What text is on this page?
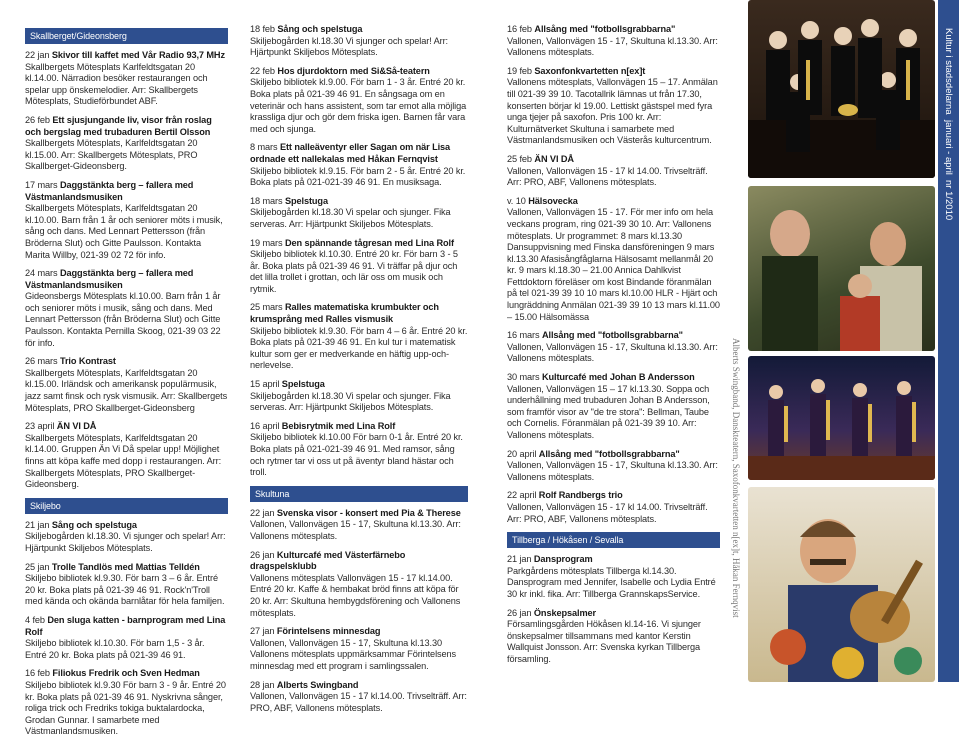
Skallberget/Gideonsberg
22 jan Skivor till kaffet med Vår Radio 93,7 MHz
Skallbergets Mötesplats Karlfeldtsgatan 20 kl.14.00. Närradion besöker restaurangen och spelar upp önskemelodier. Arr: Skallbergets Mötesplats, Studieförbundet ABF.
26 feb Ett sjusjungande liv, visor från roslag och bergslag med trubaduren Bertil Olsson
Skallbergets Mötesplats, Karlfeldtsgatan 20 kl.15.00. Arr: Skallbergets Mötesplats, PRO Skallberget-Gideonsberg.
17 mars Daggstänkta berg – fallera med Västmanlandsmusiken
Skallbergets Mötesplats, Karlfeldtsgatan 20 kl.10.00. Barn från 1 år och seniorer möts i musik, sång och dans. Med Lennart Pettersson (från Bröderna Slut) och Gitte Paulsson. Kontakta Marita Willby, 021-39 02 72 för info.
24 mars Daggstänkta berg – fallera med Västmanlandsmusiken
Gideonsbergs Mötesplats kl.10.00. Barn från 1 år och seniorer möts i musik, sång och dans. Med Lennart Pettersson (från Bröderna Slut) och Gitte Paulsson. Kontakta Pernilla Skoog, 021-39 03 22 för info.
26 mars Trio Kontrast
Skallbergets Mötesplats, Karlfeldtsgatan 20 kl.15.00. Irländsk och amerikansk populärmusik, jazz samt finsk och rysk vismusik. Arr: Skallbergets Mötesplats, PRO Skallberget-Gideonsberg
23 april ÄN VI DÅ
Skallbergets Mötesplats, Karlfeldtsgatan 20 kl.14.00. Gruppen Än Vi Då spelar upp! Möjlighet finns att köpa kaffe med dopp i restaurangen. Arr: Skallbergets Mötesplats, PRO Skallberget-Gideonsberg.
Skiljebo
21 jan Sång och spelstuga
Skiljebogården kl.18.30. Vi sjunger och spelar! Arr: Hjärtpunkt Skiljebos Mötesplats.
25 jan Trolle Tandlös med Mattias Telldén
Skiljebo bibliotek kl.9.30. För barn 3 – 6 år. Entré 20 kr. Boka plats på 021-39 46 91. Rock'n'Troll med kända och okända barnlåtar för hela familjen.
4 feb Den sluga katten - barnprogram med Lina Rolf
Skiljebo bibliotek kl.10.30. För barn 1,5 - 3 år. Entré 20 kr. Boka plats på 021-39 46 91.
16 feb Filiokus Fredrik och Sven Hedman
Skiljebo bibliotek kl.9.30 För barn 3 - 9 år. Entré 20 kr. Boka plats på 021-39 46 91. Nyskrivna sånger, roliga trick och Fredriks tokiga buktalardocka, Grodan Gunnar. I samarbete med Västmanlandsmusiken.
18 feb Sång och spelstuga
Skiljebogården kl.18.30 Vi sjunger och spelar! Arr: Hjärtpunkt Skiljebos Mötesplats.
22 feb Hos djurdoktorn med Si&Så-teatern
Skiljebo bibliotek kl.9.00. För barn 1 - 3 år. Entré 20 kr. Boka plats på 021-39 46 91. En sångsaga om en veterinär och hans assistent, som tar emot alla möjliga krassliga djur och gör dem friska igen. Barnen får vara med och sjunga.
8 mars Ett nalleäventyr eller Sagan om när Lisa ordnade ett nallekalas med Håkan Fernqvist
Skiljebo bibliotek kl.9.15. För barn 2 - 5 år. Entré 20 kr. Boka plats på 021-021-39 46 91. En musiksaga.
18 mars Spelstuga
Skiljebogården kl.18.30 Vi spelar och sjunger. Fika serveras. Arr: Hjärtpunkt Skiljebos Mötesplats.
19 mars Den spännande tågresan med Lina Rolf
Skiljebo bibliotek kl.10.30. Entré 20 kr. För barn 3 - 5 år. Boka plats på 021-39 46 91. Vi träffar på djur och det lilla trollet i grottan, och lär oss om musik och rytmik.
25 mars Ralles matematiska krumbukter och krumsprång med Ralles vismusik
Skiljebo bibliotek kl.9.30. För barn 4 – 6 år. Entré 20 kr. Boka plats på 021-39 46 91. En kul tur i matematisk kultur som ger er medverkande en häftig upp-och-nerlevelse.
15 april Spelstuga
Skiljebogården kl.18.30 Vi spelar och sjunger. Fika serveras. Arr: Hjärtpunkt Skiljebos Mötesplats.
16 april Bebisrytmik med Lina Rolf
Skiljebo bibliotek kl.10.00 För barn 0-1 år. Entré 20 kr. Boka plats på 021-021-39 46 91. Med ramsor, sång och rytmer tar vi oss ut på äventyr bland hästar och troll.
Skultuna
22 jan Svenska visor - konsert med Pia & Therese
Vallonen, Vallonvägen 15 - 17, Skultuna kl.13.30. Arr: Vallonens mötesplats.
26 jan Kulturcafé med Västerfärnebo dragspelsklubb
Vallonens mötesplats Vallonvägen 15 - 17 kl.14.00. Entré 20 kr. Kaffe & hembakat bröd finns att köpa för 20 kr. Arr: Skultuna hembygdsförening och Vallonens mötesplats.
27 jan Förintelsens minnesdag
Vallonen, Vallonvägen 15 - 17, Skultuna kl.13.30 Vallonens mötesplats uppmärksammar Förintelsens minnesdag med ett program i samlingssalen.
28 jan Alberts Swingband
Vallonen, Vallonvägen 15 - 17 kl.14.00. Trivselträff. Arr: PRO, ABF, Vallonens mötesplats.
16 feb Allsång med "fotbollsgrabbarna"
Vallonen, Vallonvägen 15 - 17, Skultuna kl.13.30. Arr: Vallonens mötesplats.
19 feb Saxonfonkvartetten n[ex]t
Vallonens mötesplats, Vallonvägen 15 – 17. Anmälan till 021-39 39 10. Tacotallrik lämnas ut från 17.30, konserten börjar kl 19.00. Lettiskt gästspel med fyra unga tjejer på saxofon. Pris 100 kr. Arr: Kulturnätverket Skultuna i samarbete med Västmanlandsmusiken och Västerås kulturcentrum.
25 feb ÄN VI DÅ
Vallonen, Vallonvägen 15 - 17 kl 14.00. Trivselträff. Arr: PRO, ABF, Vallonens mötesplats.
v. 10 Hälsovecka
Vallonen, Vallonvägen 15 - 17. För mer info om hela veckans program, ring 021-39 30 10. Arr: Vallonens mötesplats. Ur programmet: 8 mars kl.13.30 Dansuppvisning med Finska dansföreningen 9 mars kl.13.30 Afasisångfåglarna Hälsosamt mellanmål 20 kr. 9 mars kl.18.30 – 21.00 Annica Dahlkvist Fettdoktorn föreläser om kost Bindande föranmälan på tel 021-39 39 10 10 mars kl.10.00 HLR - Hjärt och lungräddning Anmälan 021-39 39 10 13 mars kl.11.00 – 15.00 Hälsomässa
16 mars Allsång med "fotbollsgrabbarna"
Vallonen, Vallonvägen 15 - 17, Skultuna kl.13.30. Arr: Vallonens mötesplats.
30 mars Kulturcafé med Johan B Andersson
Vallonen, Vallonvägen 15 – 17 kl.13.30. Soppa och underhållning med trubaduren Johan B Andersson, som framför visor av "de tre stora": Bellman, Taube och Cornelis. Föranmälan på 021-39 39 10. Arr: Vallonens mötesplats.
20 april Allsång med "fotbollsgrabbarna"
Vallonen, Vallonvägen 15 - 17, Skultuna kl.13.30. Arr: Vallonens mötesplats.
22 april Rolf Randbergs trio
Vallonen, Vallonvägen 15 - 17 kl 14.00. Trivselträff. Arr: PRO, ABF, Vallonens mötesplats.
Tillberga / Hökåsen / Sevalla
21 jan Dansprogram
Parkgårdens mötesplats Tillberga kl.14.30. Dansprogram med Jennifer, Isabelle och Lydia Entré 30 kr inkl. fika. Arr: Tillberga GrannskapsService.
26 jan Önskepsalmer
Församlingsgården Hökåsen kl.14-16. Vi sjunger önskepsalmer tillsammans med kantor Kerstin Wallquist Jonsson. Arr: Svenska kyrkan Tillberga församling.
Alberts Swingband, Danskteatern, Saxofonkvartetten n[ex]t, Håkan Fernqvist
Kultur i stadsdelarna
januari - april
nr 1/2010
